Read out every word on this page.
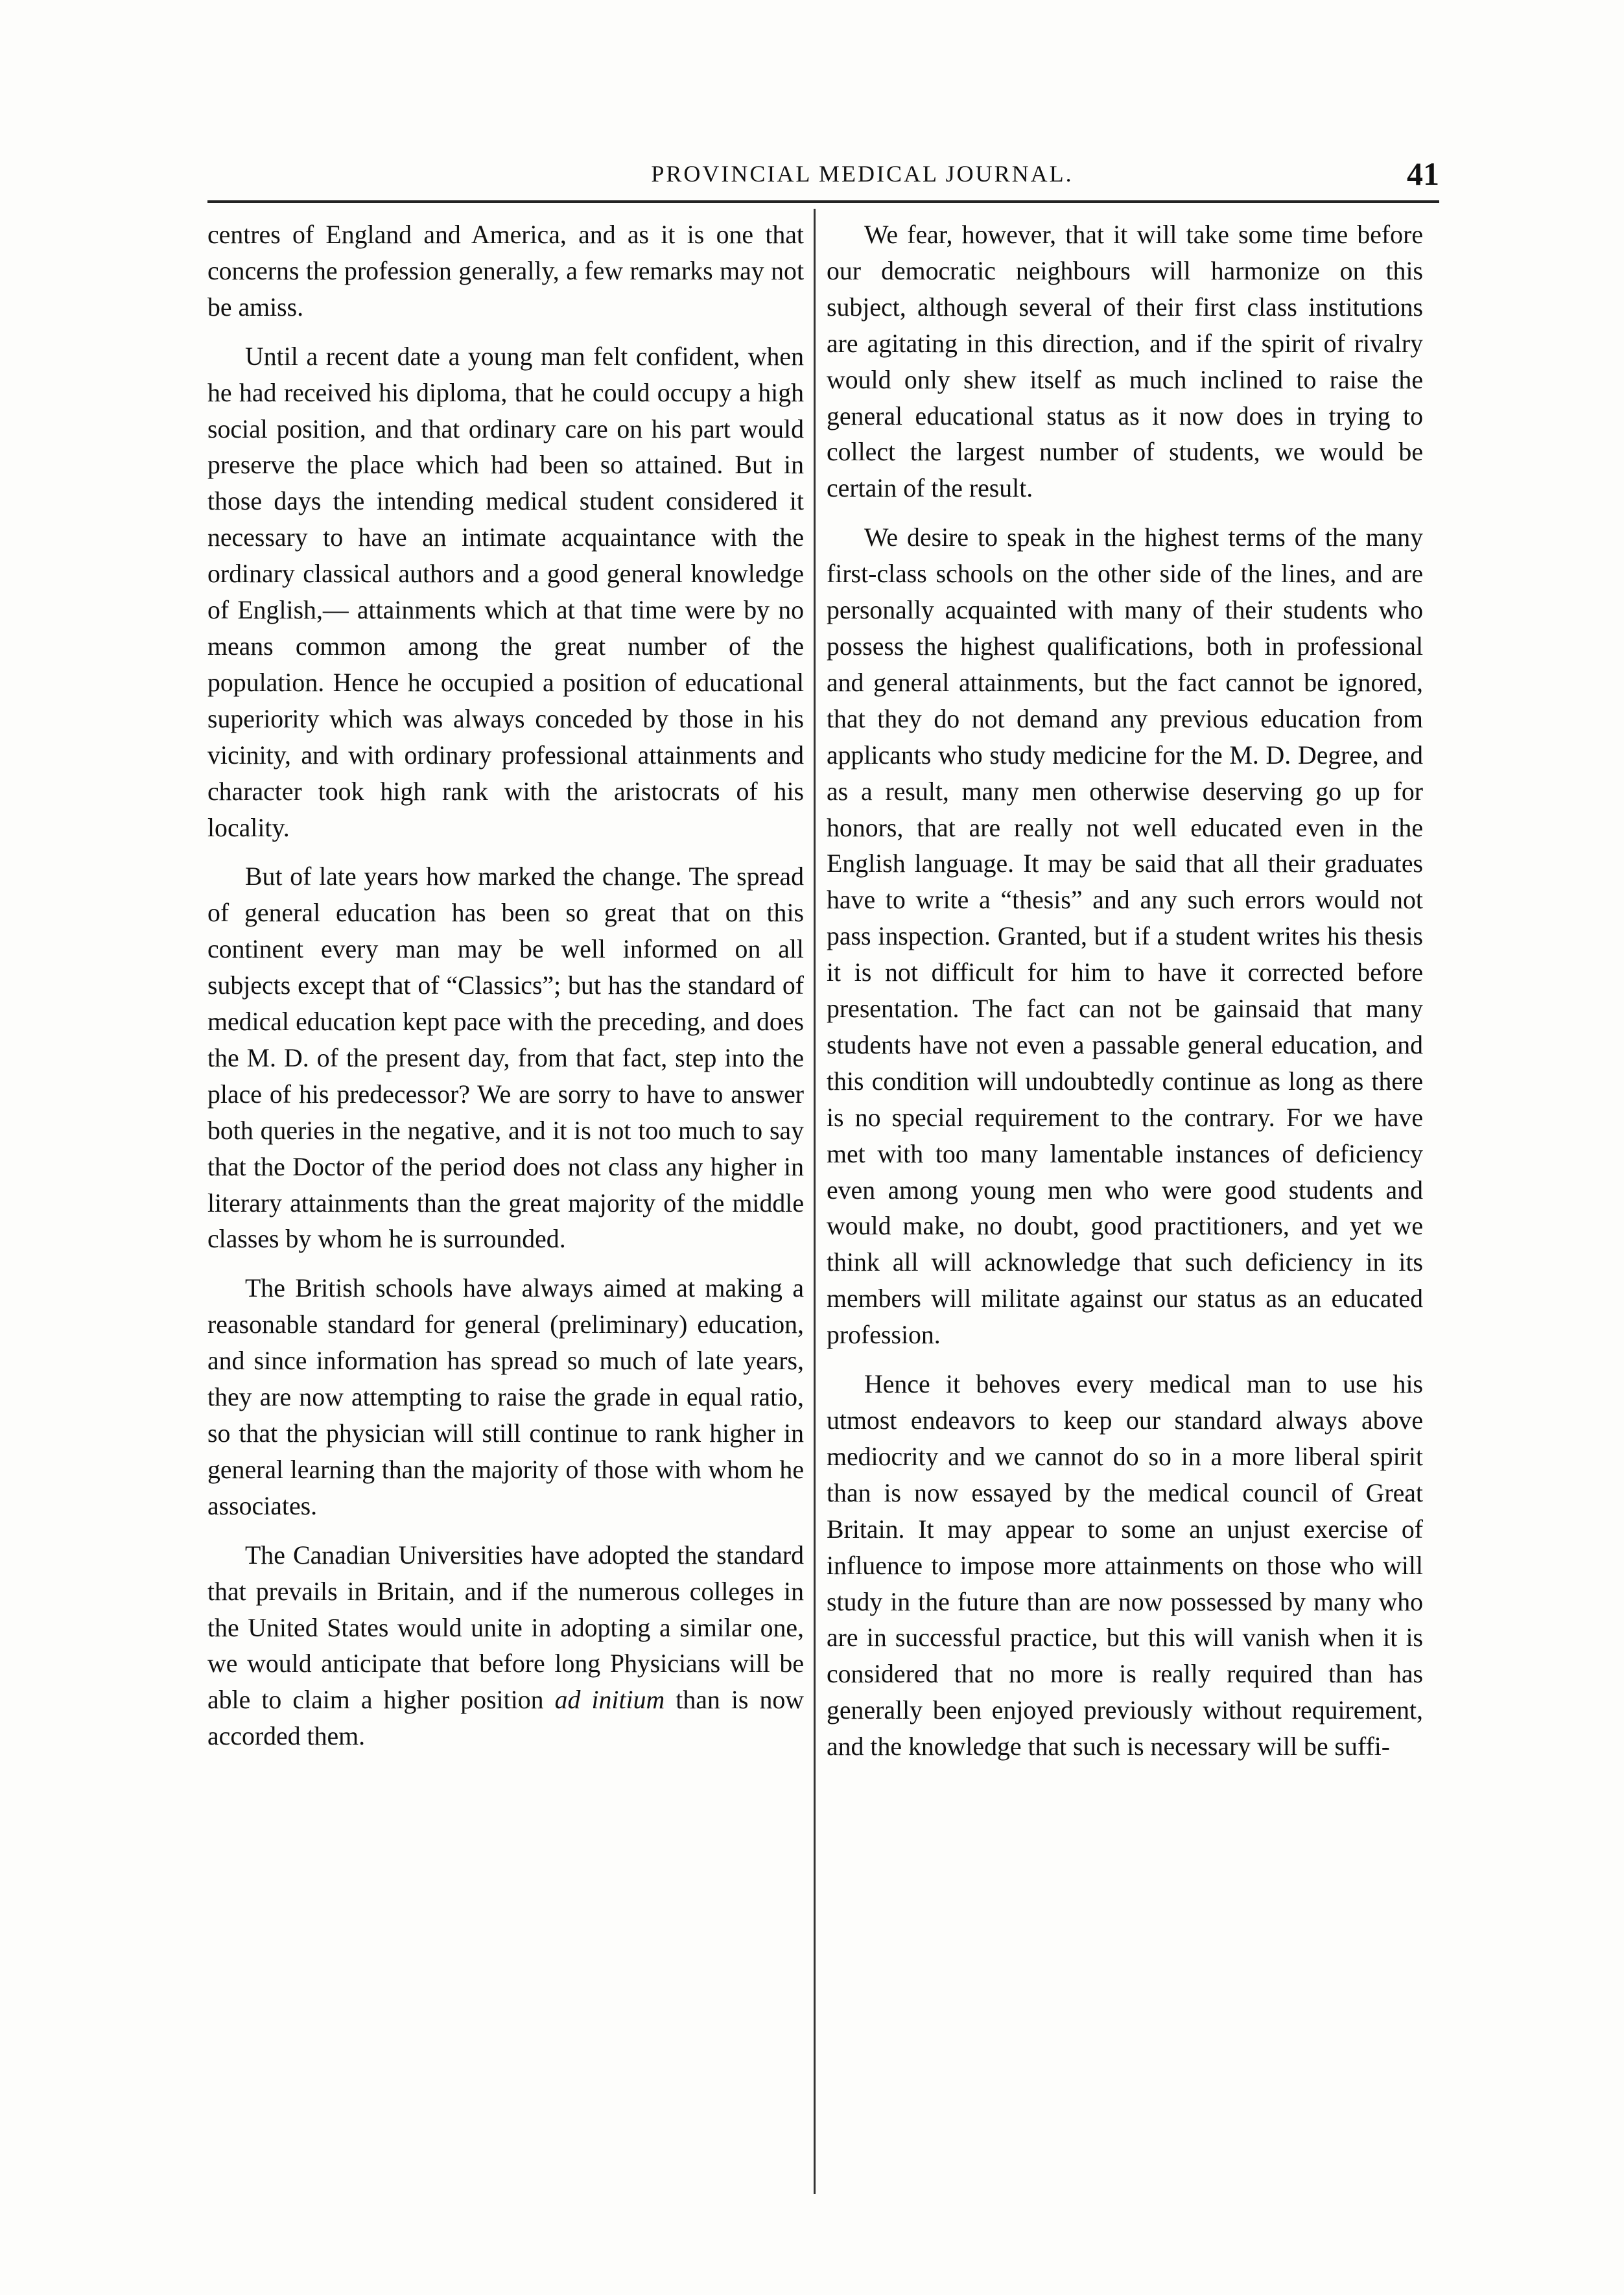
PROVINCIAL MEDICAL JOURNAL.	41

centres of England and America, and as it is one that concerns the profession generally, a few remarks may not be amiss.

Until a recent date a young man felt confident, when he had received his diploma, that he could occupy a high social position, and that ordinary care on his part would preserve the place which had been so attained. But in those days the intending medical student considered it necessary to have an intimate acquaintance with the ordinary classical authors and a good general knowledge of English,— attainments which at that time were by no means common among the great number of the population. Hence he occupied a position of educational superiority which was always conceded by those in his vicinity, and with ordinary professional attainments and character took high rank with the aristocrats of his locality.

But of late years how marked the change. The spread of general education has been so great that on this continent every man may be well informed on all subjects except that of “Classics”; but has the standard of medical education kept pace with the preceding, and does the M. D. of the present day, from that fact, step into the place of his predecessor? We are sorry to have to answer both queries in the negative, and it is not too much to say that the Doctor of the period does not class any higher in literary attainments than the great majority of the middle classes by whom he is surrounded.

The British schools have always aimed at making a reasonable standard for general (preliminary) education, and since information has spread so much of late years, they are now attempting to raise the grade in equal ratio, so that the physician will still continue to rank higher in general learning than the majority of those with whom he associates.

The Canadian Universities have adopted the standard that prevails in Britain, and if the numerous colleges in the United States would unite in adopting a similar one, we would anticipate that before long Physicians will be able to claim a higher position ad initium than is now accorded them.

We fear, however, that it will take some time before our democratic neighbours will harmonize on this subject, although several of their first class institutions are agitating in this direction, and if the spirit of rivalry would only shew itself as much inclined to raise the general educational status as it now does in trying to collect the largest number of students, we would be certain of the result.

We desire to speak in the highest terms of the many first-class schools on the other side of the lines, and are personally acquainted with many of their students who possess the highest qualifications, both in professional and general attainments, but the fact cannot be ignored, that they do not demand any previous education from applicants who study medicine for the M. D. Degree, and as a result, many men otherwise deserving go up for honors, that are really not well educated even in the English language. It may be said that all their graduates have to write a “thesis” and any such errors would not pass inspection. Granted, but if a student writes his thesis it is not difficult for him to have it corrected before presentation. The fact can not be gainsaid that many students have not even a passable general education, and this condition will undoubtedly continue as long as there is no special requirement to the contrary. For we have met with too many lamentable instances of deficiency even among young men who were good students and would make, no doubt, good practitioners, and yet we think all will acknowledge that such deficiency in its members will militate against our status as an educated profession.

Hence it behoves every medical man to use his utmost endeavors to keep our standard always above mediocrity and we cannot do so in a more liberal spirit than is now essayed by the medical council of Great Britain. It may appear to some an unjust exercise of influence to impose more attainments on those who will study in the future than are now possessed by many who are in successful practice, but this will vanish when it is considered that no more is really required than has generally been enjoyed previously without requirement, and the knowledge that such is necessary will be suffi-
